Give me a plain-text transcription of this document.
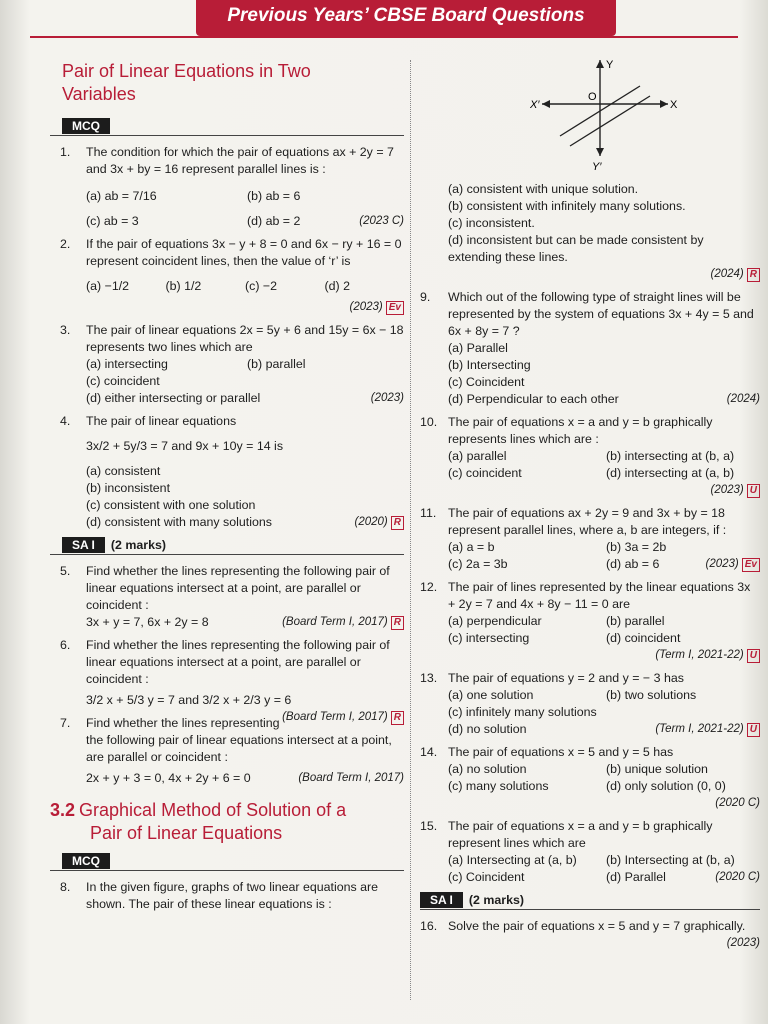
Previous Years’ CBSE Board Questions
Pair of Linear Equations in Two
Variables
MCQ
1. The condition for which the pair of equations ax + 2y = 7 and 3x + by = 16 represent parallel lines is :
(a) ab = 7/16	(b) ab = 6
(c) ab = 3	(d) ab = 2	(2023 C)
2. If the pair of equations 3x − y + 8 = 0 and 6x − ry + 16 = 0 represent coincident lines, then the value of ‘r’ is
(a) −1/2	(b) 1/2	(c) −2	(d) 2
(2023) Ev
3. The pair of linear equations 2x = 5y + 6 and 15y = 6x − 18 represents two lines which are
(a) intersecting	(b) parallel
(c) coincident
(d) either intersecting or parallel	(2023)
4. The pair of linear equations
3x/2 + 5y/3 = 7 and 9x + 10y = 14 is
(a) consistent
(b) inconsistent
(c) consistent with one solution
(d) consistent with many solutions	(2020) R
SA I (2 marks)
5. Find whether the lines representing the following pair of linear equations intersect at a point, are parallel or coincident :
3x + y = 7, 6x + 2y = 8	(Board Term I, 2017) R
6. Find whether the lines representing the following pair of linear equations intersect at a point, are parallel or coincident :
3/2 x + 5/3 y = 7 and 3/2 x + 2/3 y = 6
(Board Term I, 2017) R
7. Find whether the lines representing the following pair of linear equations intersect at a point, are parallel or coincident :
2x + y + 3 = 0, 4x + 2y + 6 = 0	(Board Term I, 2017)
3.2 Graphical Method of Solution of a
Pair of Linear Equations
MCQ
8. In the given figure, graphs of two linear equations are shown. The pair of these linear equations is :
Y
Y′
X
X′
O
(a) consistent with unique solution.
(b) consistent with infinitely many solutions.
(c) inconsistent.
(d) inconsistent but can be made consistent by extending these lines.
(2024) R
9. Which out of the following type of straight lines will be represented by the system of equations 3x + 4y = 5 and 6x + 8y = 7 ?
(a) Parallel
(b) Intersecting
(c) Coincident
(d) Perpendicular to each other	(2024)
10. The pair of equations x = a and y = b graphically represents lines which are :
(a) parallel	(b) intersecting at (b, a)
(c) coincident	(d) intersecting at (a, b)
(2023) U
11. The pair of equations ax + 2y = 9 and 3x + by = 18 represent parallel lines, where a, b are integers, if :
(a) a = b	(b) 3a = 2b
(c) 2a = 3b	(d) ab = 6	(2023) Ev
12. The pair of lines represented by the linear equations 3x + 2y = 7 and 4x + 8y − 11 = 0 are
(a) perpendicular	(b) parallel
(c) intersecting	(d) coincident
(Term I, 2021-22) U
13. The pair of equations y = 2 and y = − 3 has
(a) one solution	(b) two solutions
(c) infinitely many solutions
(d) no solution	(Term I, 2021-22) U
14. The pair of equations x = 5 and y = 5 has
(a) no solution	(b) unique solution
(c) many solutions	(d) only solution (0, 0)
(2020 C)
15. The pair of equations x = a and y = b graphically represent lines which are
(a) Intersecting at (a, b)	(b) Intersecting at (b, a)
(c) Coincident	(d) Parallel	(2020 C)
SA I (2 marks)
16. Solve the pair of equations x = 5 and y = 7 graphically.
(2023)
